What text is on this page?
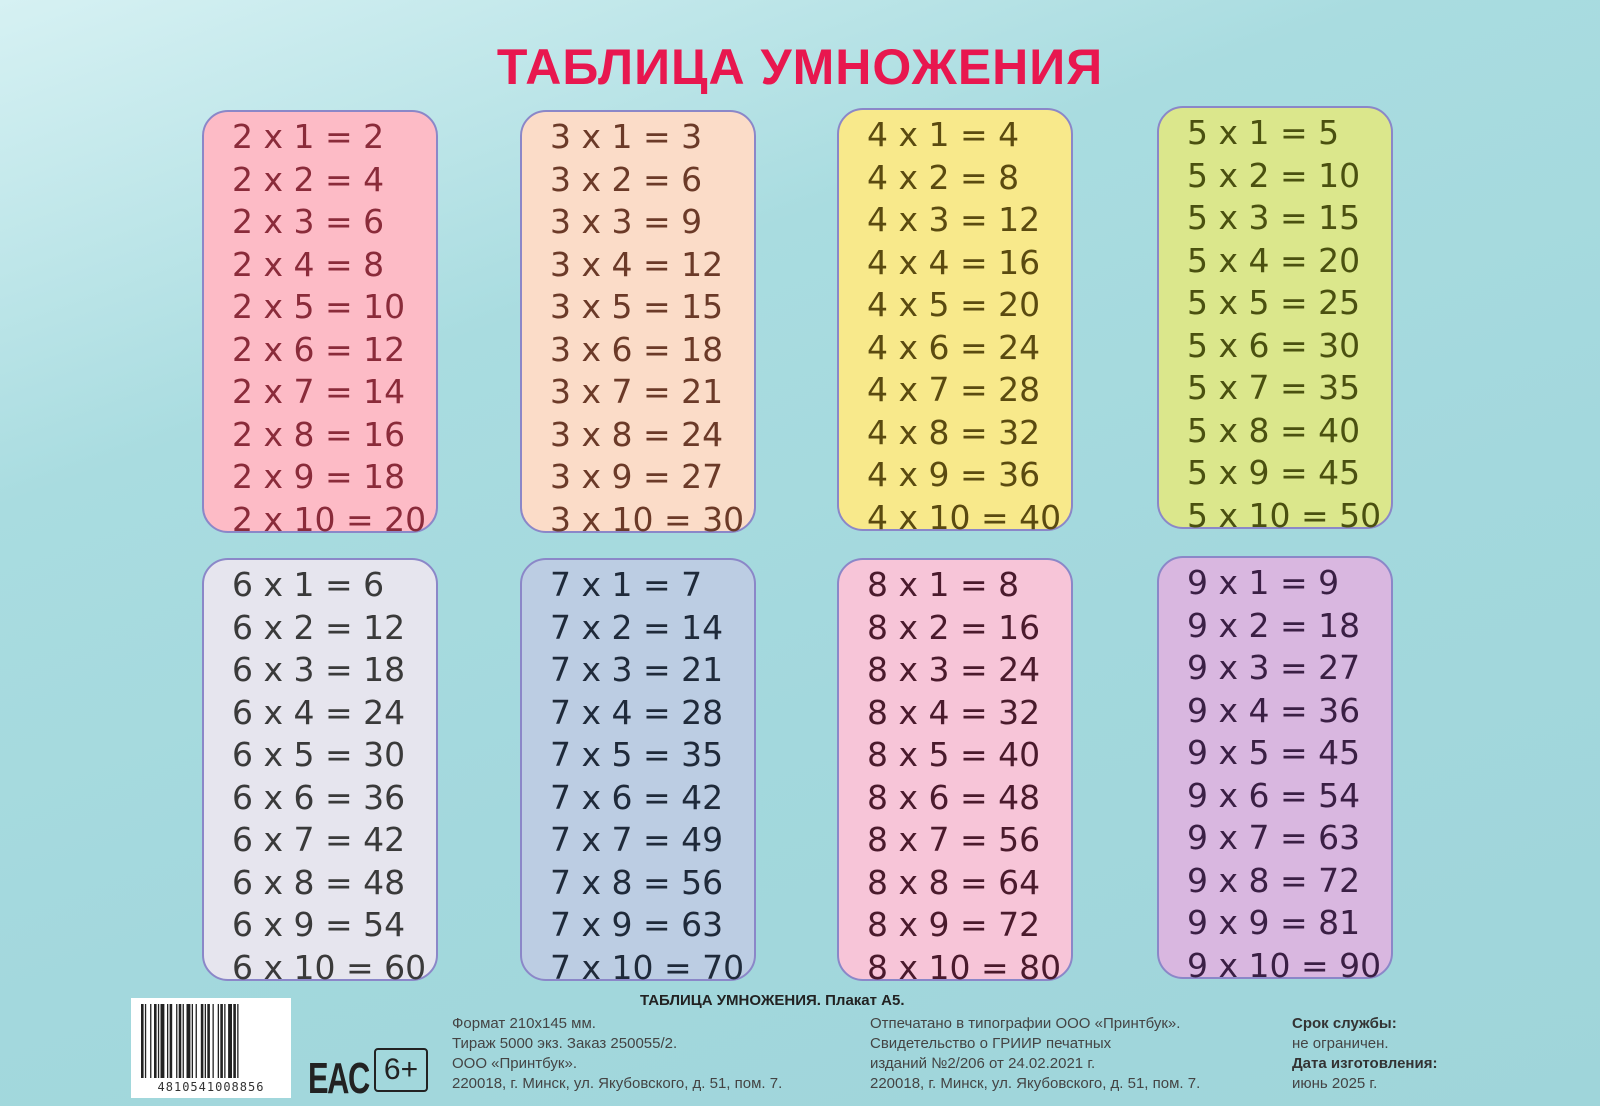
ТАБЛИЦА УМНОЖЕНИЯ
2 х 1 = 2
2 х 2 = 4
2 х 3 = 6
2 х 4 = 8
2 х 5 = 10
2 х 6 = 12
2 х 7 = 14
2 х 8 = 16
2 х 9 = 18
2 х 10 = 20
3 х 1 = 3
3 х 2 = 6
3 х 3 = 9
3 х 4 = 12
3 х 5 = 15
3 х 6 = 18
3 х 7 = 21
3 х 8 = 24
3 х 9 = 27
3 х 10 = 30
4 х 1 = 4
4 х 2 = 8
4 х 3 = 12
4 х 4 = 16
4 х 5 = 20
4 х 6 = 24
4 х 7 = 28
4 х 8 = 32
4 х 9 = 36
4 х 10 = 40
5 х 1 = 5
5 х 2 = 10
5 х 3 = 15
5 х 4 = 20
5 х 5 = 25
5 х 6 = 30
5 х 7 = 35
5 х 8 = 40
5 х 9 = 45
5 х 10 = 50
6 х 1 = 6
6 х 2 = 12
6 х 3 = 18
6 х 4 = 24
6 х 5 = 30
6 х 6 = 36
6 х 7 = 42
6 х 8 = 48
6 х 9 = 54
6 х 10 = 60
7 х 1 = 7
7 х 2 = 14
7 х 3 = 21
7 х 4 = 28
7 х 5 = 35
7 х 6 = 42
7 х 7 = 49
7 х 8 = 56
7 х 9 = 63
7 х 10 = 70
8 х 1 = 8
8 х 2 = 16
8 х 3 = 24
8 х 4 = 32
8 х 5 = 40
8 х 6 = 48
8 х 7 = 56
8 х 8 = 64
8 х 9 = 72
8 х 10 = 80
9 х 1 = 9
9 х 2 = 18
9 х 3 = 27
9 х 4 = 36
9 х 5 = 45
9 х 6 = 54
9 х 7 = 63
9 х 8 = 72
9 х 9 = 81
9 х 10 = 90
ТАБЛИЦА УМНОЖЕНИЯ. Плакат А5.
4810541008856 EAC 6+
Формат 210х145 мм.
Тираж 5000 экз. Заказ 250055/2.
ООО «Принтбук».
220018, г. Минск, ул. Якубовского, д. 51, пом. 7.
Отпечатано в типографии ООО «Принтбук».
Свидетельство о ГРИИР печатных
изданий №2/206 от 24.02.2021 г.
220018, г. Минск, ул. Якубовского, д. 51, пом. 7.
Срок службы:
не ограничен.
Дата изготовления:
июнь 2025 г.
